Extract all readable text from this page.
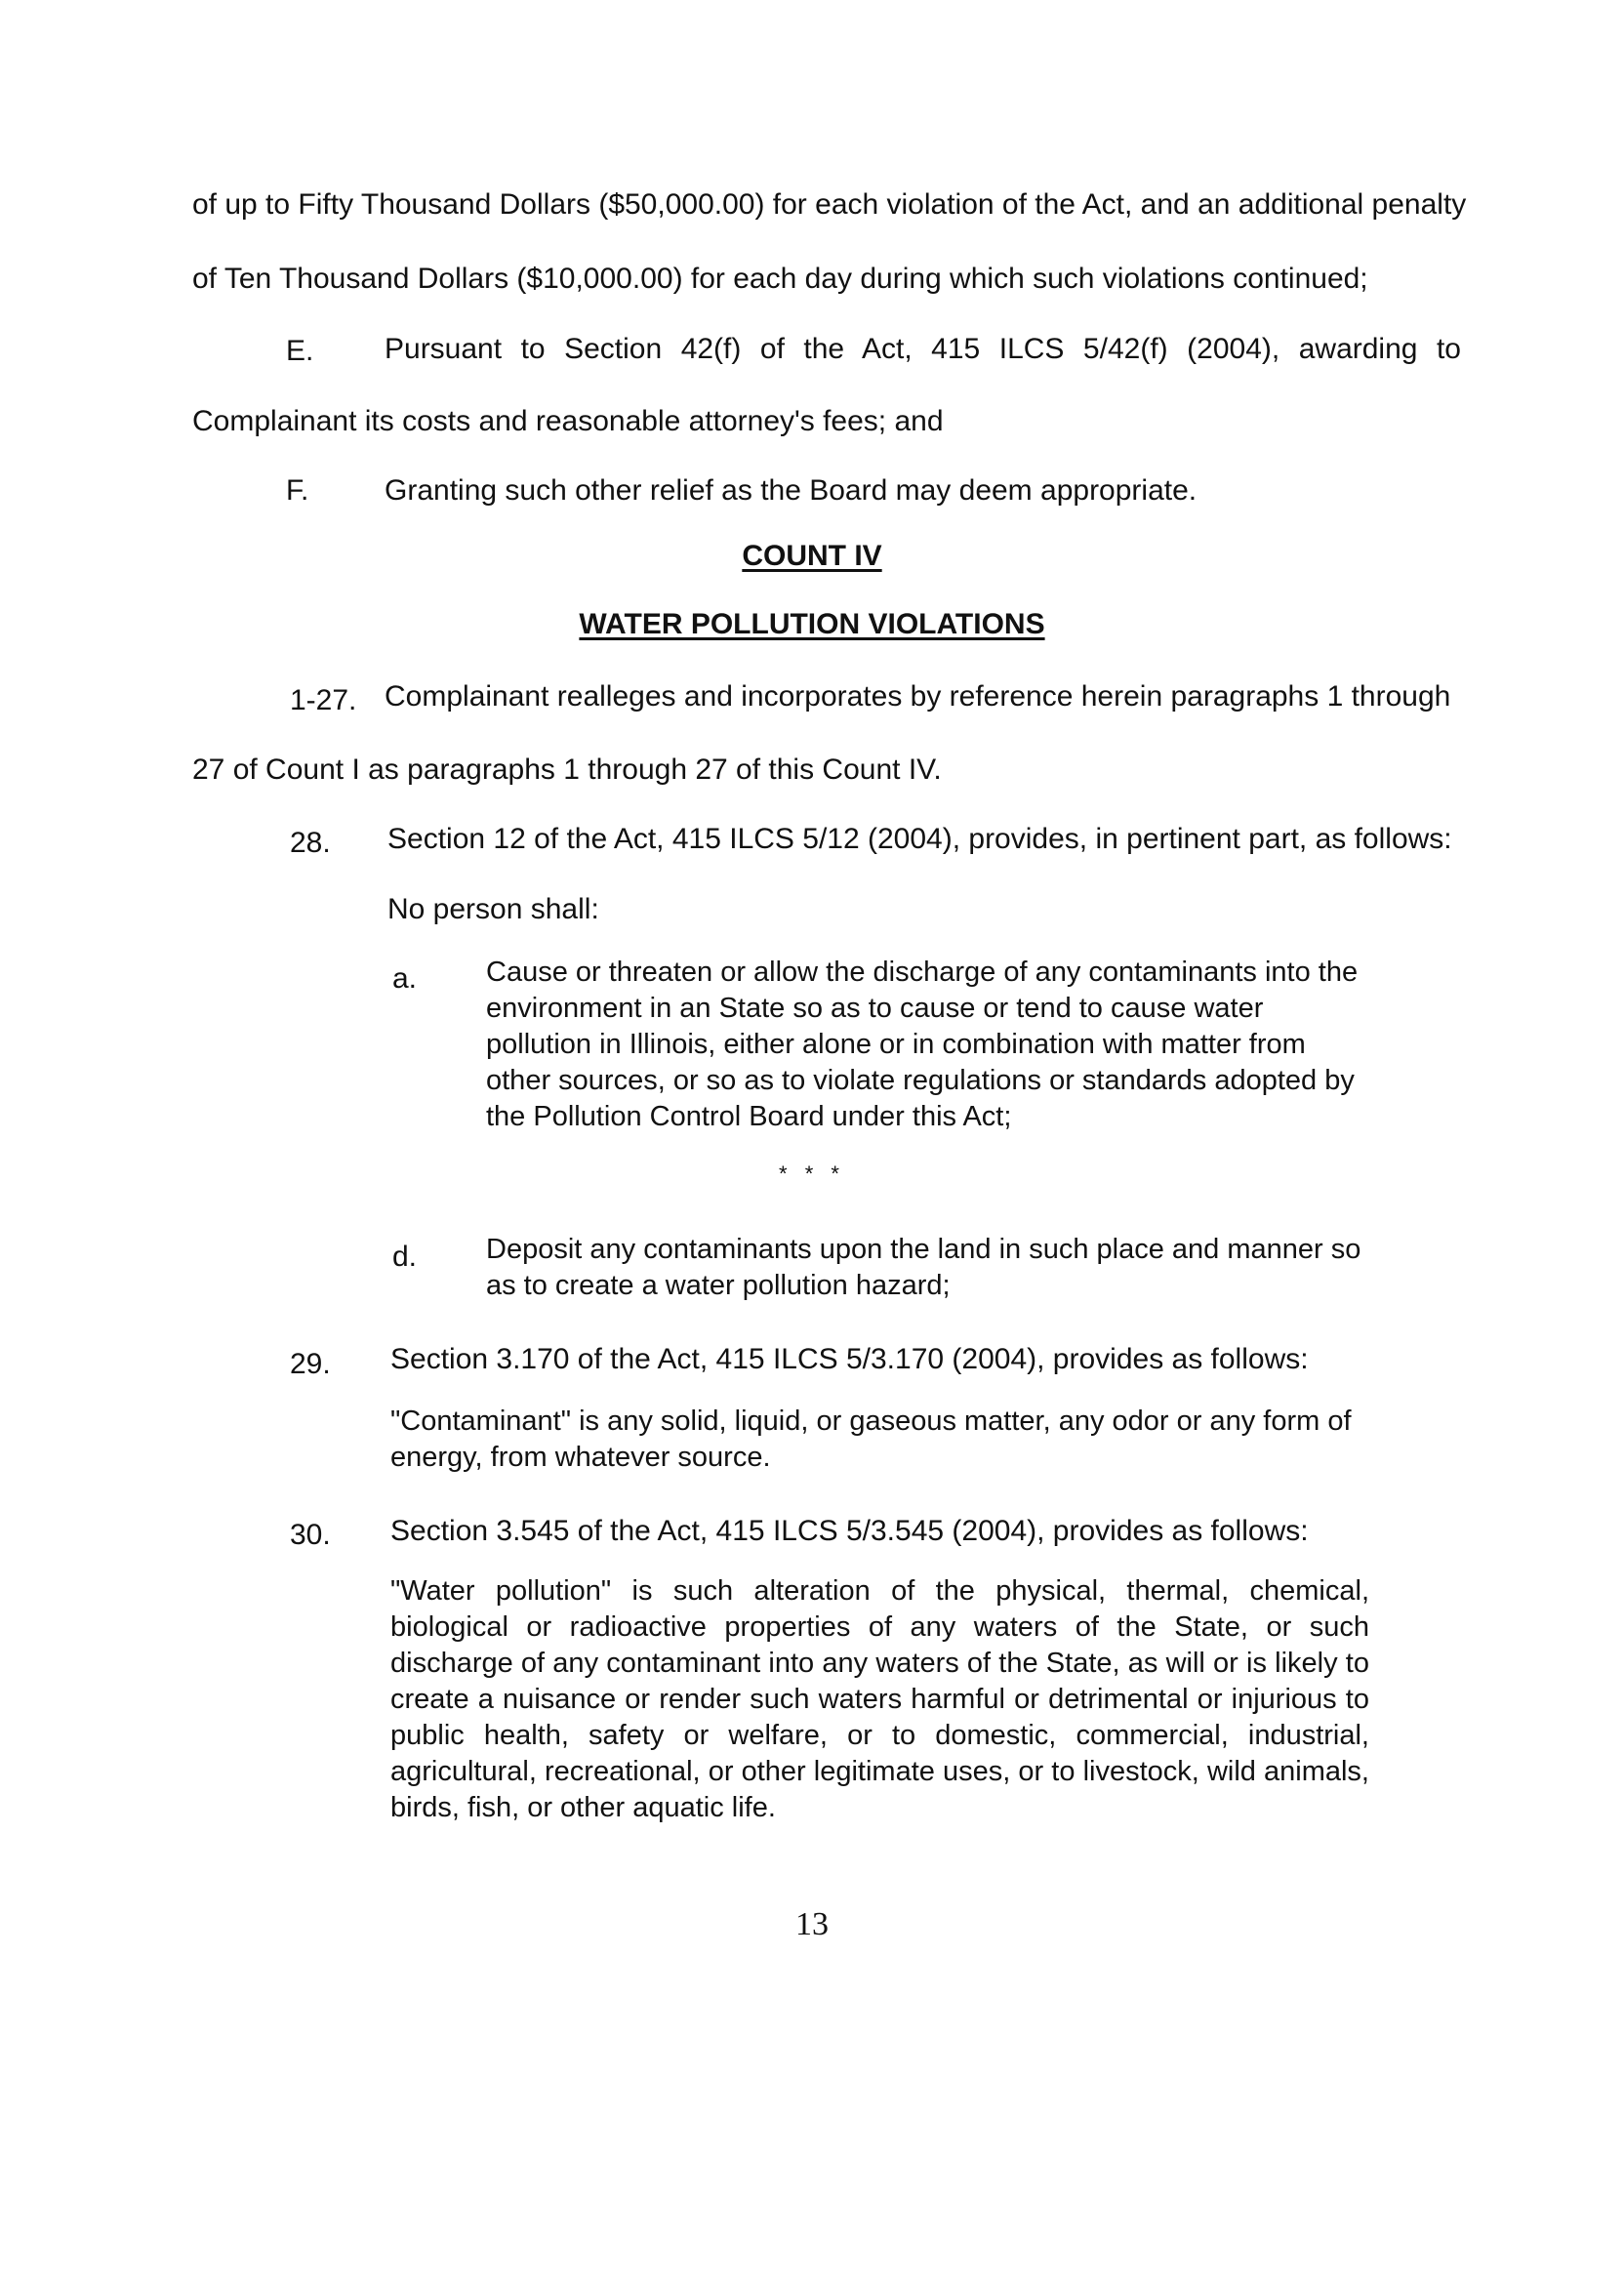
of up to Fifty Thousand Dollars ($50,000.00) for each violation of the Act, and an additional penalty
of Ten Thousand Dollars ($10,000.00) for each day during which such violations continued;
E. Pursuant to Section 42(f) of the Act, 415 ILCS 5/42(f) (2004), awarding to
Complainant its costs and reasonable attorney's fees; and
F.	Granting such other relief as the Board may deem appropriate.
COUNT IV
WATER POLLUTION VIOLATIONS
1-27. Complainant realleges and incorporates by reference herein paragraphs 1 through
27 of Count I as paragraphs 1 through 27 of this Count IV.
28. Section 12 of the Act, 415 ILCS 5/12 (2004), provides, in pertinent part, as follows:
No person shall:
a. Cause or threaten or allow the discharge of any contaminants into the environment in an State so as to cause or tend to cause water pollution in Illinois, either alone or in combination with matter from other sources, or so as to violate regulations or standards adopted by the Pollution Control Board under this Act;
* * *
d. Deposit any contaminants upon the land in such place and manner so as to create a water pollution hazard;
29. Section 3.170 of the Act, 415 ILCS 5/3.170 (2004), provides as follows:
"Contaminant" is any solid, liquid, or gaseous matter, any odor or any form of energy, from whatever source.
30. Section 3.545 of the Act, 415 ILCS 5/3.545 (2004), provides as follows:
"Water pollution" is such alteration of the physical, thermal, chemical, biological or radioactive properties of any waters of the State, or such discharge of any contaminant into any waters of the State, as will or is likely to create a nuisance or render such waters harmful or detrimental or injurious to public health, safety or welfare, or to domestic, commercial, industrial, agricultural, recreational, or other legitimate uses, or to livestock, wild animals, birds, fish, or other aquatic life.
13
